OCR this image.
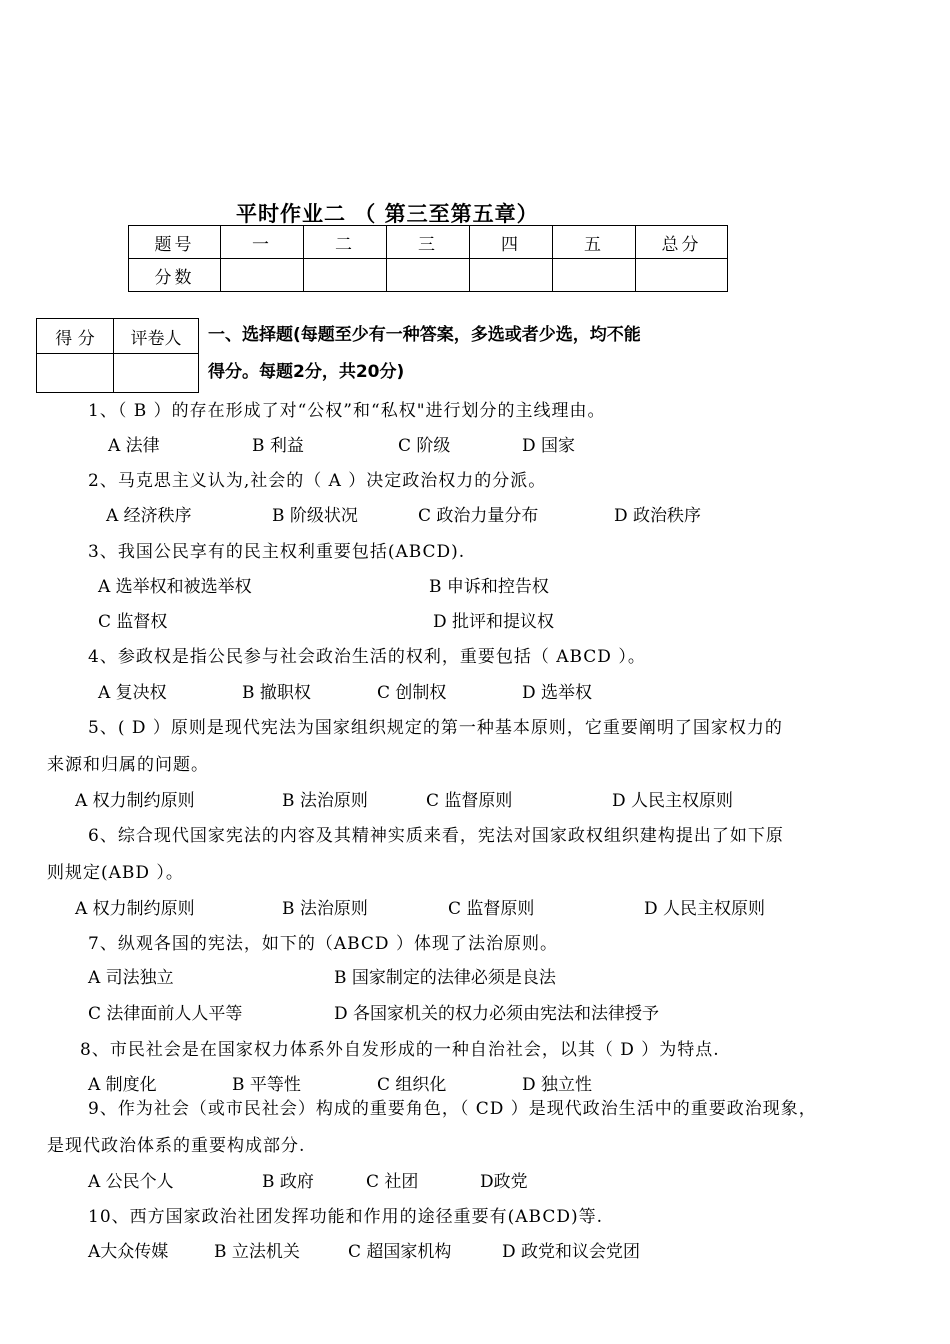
平时作业二 （ 第三至第五章）
题号	一	二	三	四	五	总分
分数						
得 分	评卷人
	一、选择题(每题至少有一种答案，多选或者少选，均不能
得分。每题2分，共20分)
1、（ B ）的存在形成了对“公权”和“私权"进行划分的主线理由。
A 法律	B 利益	C 阶级	D 国家
2、马克思主义认为,社会的（ A ）决定政治权力的分派。
A 经济秩序	B 阶级状况	C 政治力量分布	D 政治秩序
3、我国公民享有的民主权利重要包括(ABCD).
A 选举权和被选举权	B 申诉和控告权
C 监督权	D 批评和提议权
4、参政权是指公民参与社会政治生活的权利，重要包括（ ABCD ）。
A 复决权	B 撤职权	C 创制权	D 选举权
5、( D ）原则是现代宪法为国家组织规定的第一种基本原则，它重要阐明了国家权力的
来源和归属的问题。
A 权力制约原则	B 法治原则	C 监督原则	D 人民主权原则
6、综合现代国家宪法的内容及其精神实质来看，宪法对国家政权组织建构提出了如下原
则规定(ABD ）。
A 权力制约原则	B 法治原则	C 监督原则	D 人民主权原则
7、纵观各国的宪法，如下的（ABCD ）体现了法治原则。
A 司法独立	B 国家制定的法律必须是良法
C 法律面前人人平等	D 各国家机关的权力必须由宪法和法律授予
8、市民社会是在国家权力体系外自发形成的一种自治社会，以其（ D ）为特点.
A 制度化	B 平等性	C 组织化	D 独立性
9、作为社会（或市民社会）构成的重要角色，（ CD ）是现代政治生活中的重要政治现象，
是现代政治体系的重要构成部分.
A 公民个人	B 政府	C 社团	D政党
10、西方国家政治社团发挥功能和作用的途径重要有(ABCD)等.
A大众传媒	B 立法机关	C 超国家机构	D 政党和议会党团
